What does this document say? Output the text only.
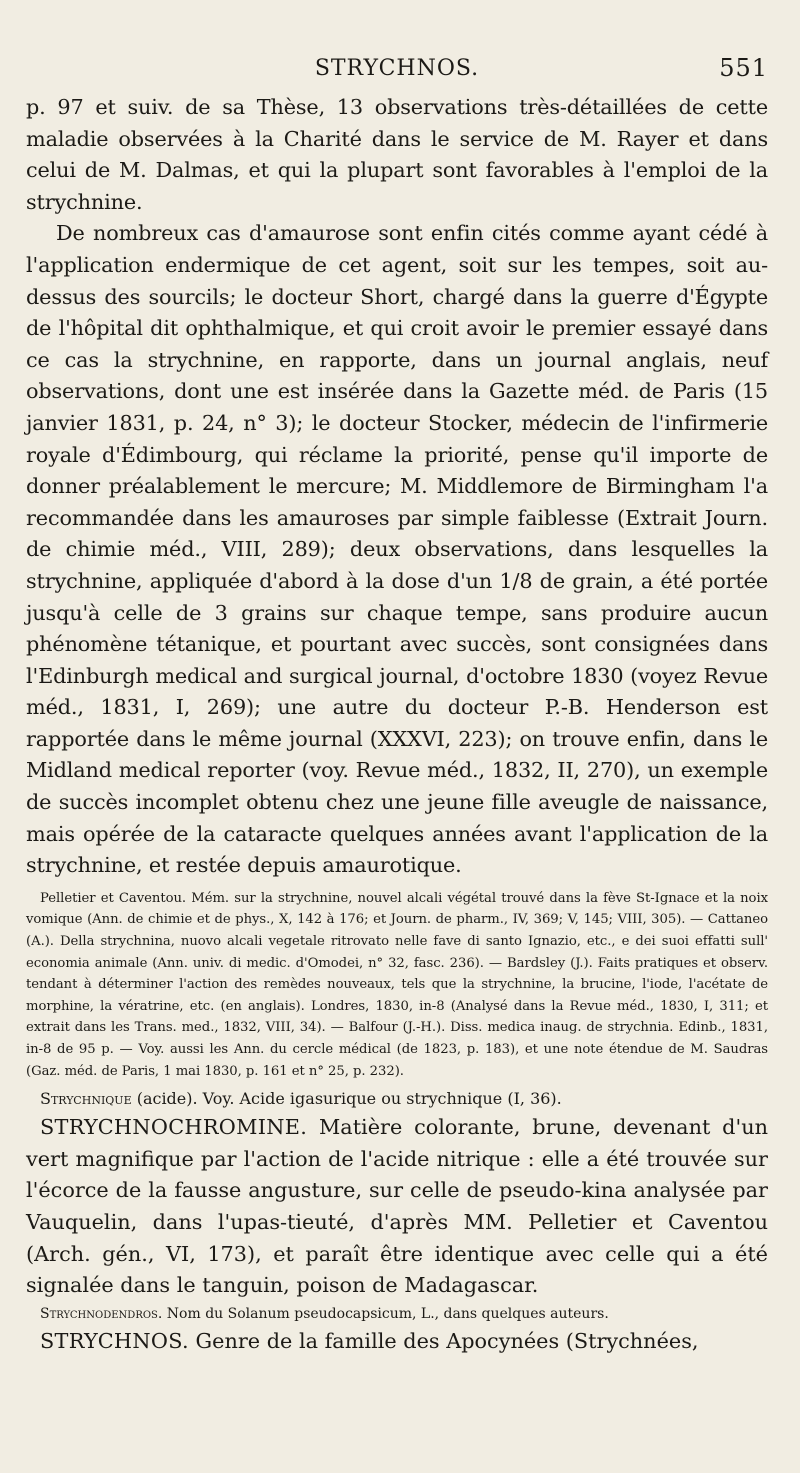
STRYCHNOS.	551

p. 97 et suiv. de sa Thèse, 13 observations très-détaillées de cette maladie observées à la Charité dans le service de M. Rayer et dans celui de M. Dalmas, et qui la plupart sont favorables à l'emploi de la strychnine.

De nombreux cas d'amaurose sont enfin cités comme ayant cédé à l'application endermique de cet agent, soit sur les tempes, soit au-dessus des sourcils; le docteur Short, chargé dans la guerre d'Égypte de l'hôpital dit ophthalmique, et qui croit avoir le premier essayé dans ce cas la strychnine, en rapporte, dans un journal anglais, neuf observations, dont une est insérée dans la Gazette méd. de Paris (15 janvier 1831, p. 24, n° 3); le docteur Stocker, médecin de l'infirmerie royale d'Édimbourg, qui réclame la priorité, pense qu'il importe de donner préalablement le mercure; M. Middlemore de Birmingham l'a recommandée dans les amauroses par simple faiblesse (Extrait Journ. de chimie méd., VIII, 289); deux observations, dans lesquelles la strychnine, appliquée d'abord à la dose d'un 1/8 de grain, a été portée jusqu'à celle de 3 grains sur chaque tempe, sans produire aucun phénomène tétanique, et pourtant avec succès, sont consignées dans l'Edinburgh medical and surgical journal, d'octobre 1830 (voyez Revue méd., 1831, I, 269); une autre du docteur P.-B. Henderson est rapportée dans le même journal (XXXVI, 223); on trouve enfin, dans le Midland medical reporter (voy. Revue méd., 1832, II, 270), un exemple de succès incomplet obtenu chez une jeune fille aveugle de naissance, mais opérée de la cataracte quelques années avant l'application de la strychnine, et restée depuis amaurotique.

Pelletier et Caventou. Mém. sur la strychnine, nouvel alcali végétal trouvé dans la fève St-Ignace et la noix vomique (Ann. de chimie et de phys., X, 142 à 176; et Journ. de pharm., IV, 369; V, 145; VIII, 305). — Cattaneo (A.). Della strychnina, nuovo alcali vegetale ritrovato nelle fave di santo Ignazio, etc., e dei suoi effatti sull' economia animale (Ann. univ. di medic. d'Omodei, n° 32, fasc. 236). — Bardsley (J.). Faits pratiques et observ. tendant à déterminer l'action des remèdes nouveaux, tels que la strychnine, la brucine, l'iode, l'acétate de morphine, la vératrine, etc. (en anglais). Londres, 1830, in-8 (Analysé dans la Revue méd., 1830, I, 311; et extrait dans les Trans. med., 1832, VIII, 34). — Balfour (J.-H.). Diss. medica inaug. de strychnia. Edinb., 1831, in-8 de 95 p. — Voy. aussi les Ann. du cercle médical (de 1823, p. 183), et une note étendue de M. Saudras (Gaz. méd. de Paris, 1 mai 1830, p. 161 et n° 25, p. 232).

Strychnique (acide). Voy. Acide igasurique ou strychnique (I, 36).

STRYCHNOCHROMINE. Matière colorante, brune, devenant d'un vert magnifique par l'action de l'acide nitrique : elle a été trouvée sur l'écorce de la fausse angusture, sur celle de pseudo-kina analysée par Vauquelin, dans l'upas-tieuté, d'après MM. Pelletier et Caventou (Arch. gén., VI, 173), et paraît être identique avec celle qui a été signalée dans le tanguin, poison de Madagascar.

Strychnodendros. Nom du Solanum pseudocapsicum, L., dans quelques auteurs.

STRYCHNOS. Genre de la famille des Apocynées (Strychnées,
